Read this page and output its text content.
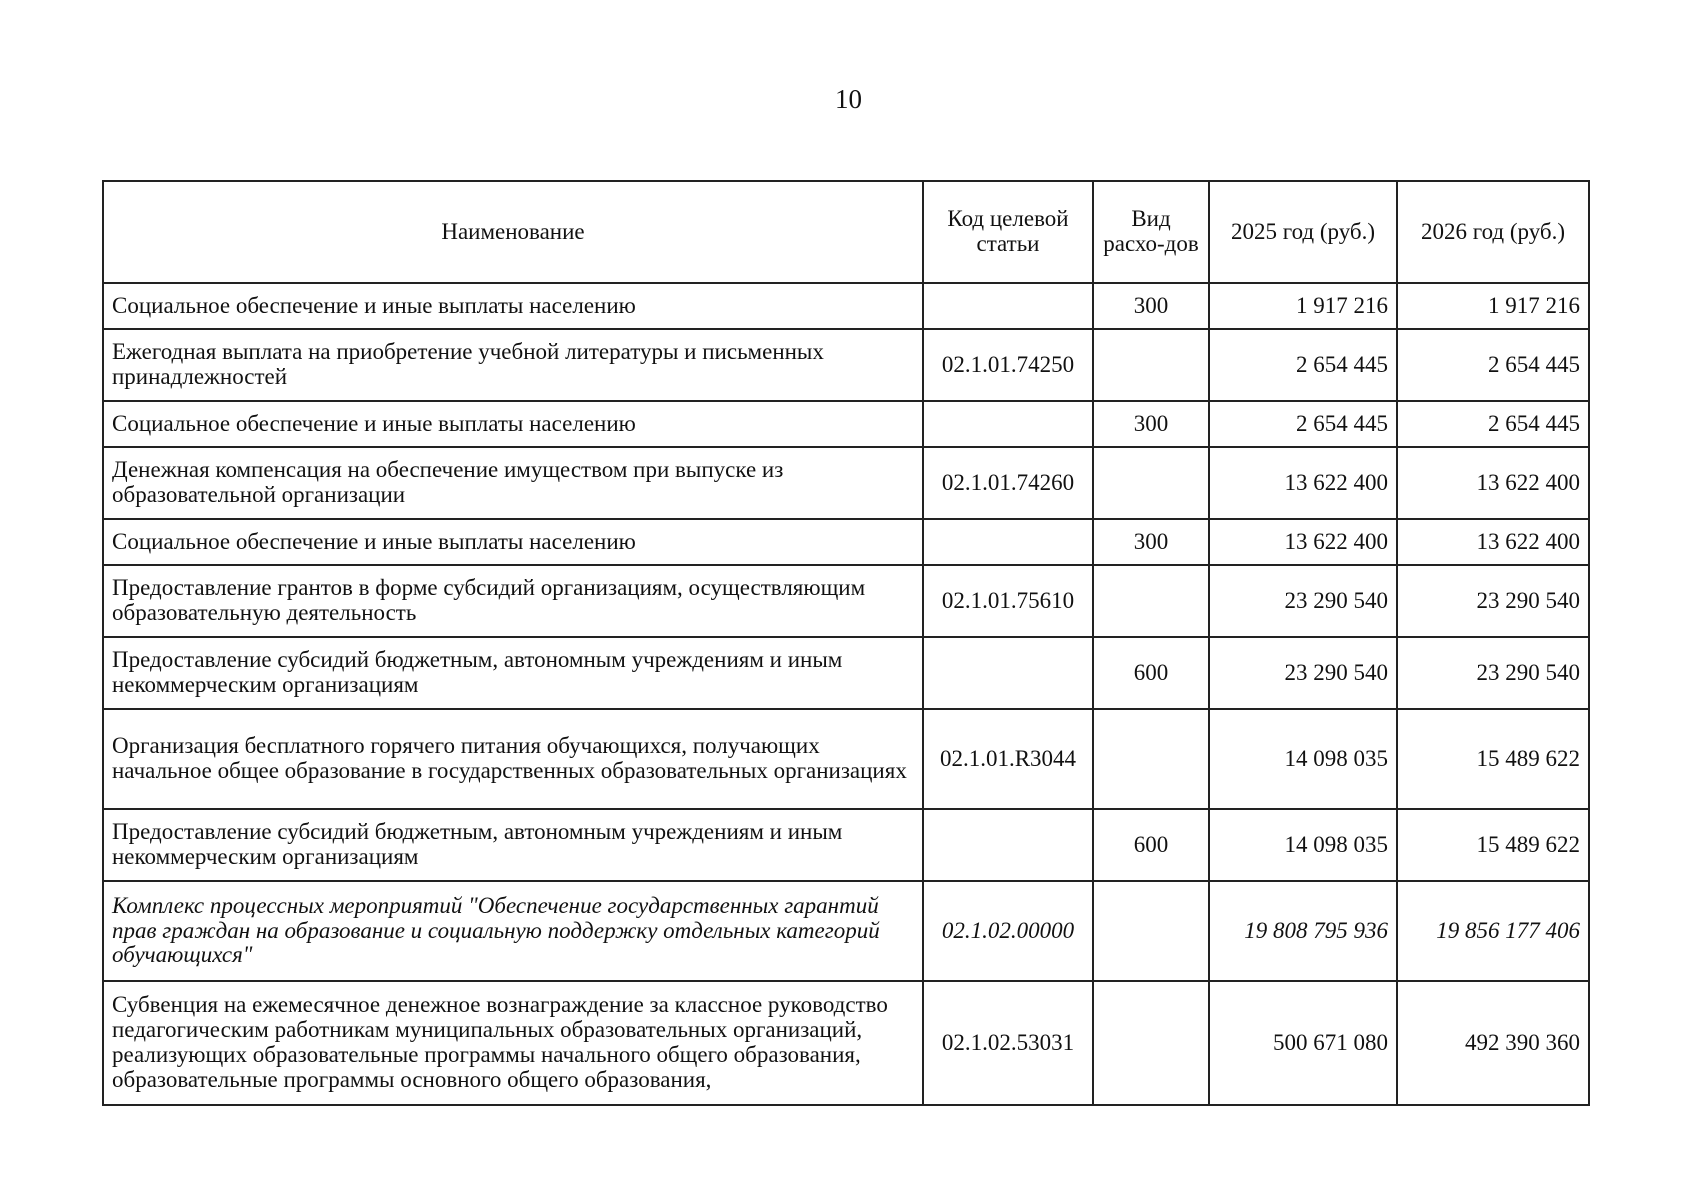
10
Наименование	Код целевой статьи	Вид расхо-дов	2025 год (руб.)	2026 год (руб.)
Социальное обеспечение и иные выплаты населению		300	1 917 216	1 917 216
Ежегодная выплата на приобретение учебной литературы и письменных принадлежностей	02.1.01.74250		2 654 445	2 654 445
Социальное обеспечение и иные выплаты населению		300	2 654 445	2 654 445
Денежная компенсация на обеспечение имуществом при выпуске из образовательной организации	02.1.01.74260		13 622 400	13 622 400
Социальное обеспечение и иные выплаты населению		300	13 622 400	13 622 400
Предоставление грантов в форме субсидий организациям, осуществляющим образовательную деятельность	02.1.01.75610		23 290 540	23 290 540
Предоставление субсидий бюджетным, автономным учреждениям и иным некоммерческим организациям		600	23 290 540	23 290 540
Организация бесплатного горячего питания обучающихся, получающих начальное общее образование в государственных образовательных организациях	02.1.01.R3044		14 098 035	15 489 622
Предоставление субсидий бюджетным, автономным учреждениям и иным некоммерческим организациям		600	14 098 035	15 489 622
Комплекс процессных мероприятий "Обеспечение государственных гарантий прав граждан на образование и социальную поддержку отдельных категорий обучающихся"	02.1.02.00000		19 808 795 936	19 856 177 406
Субвенция на ежемесячное денежное вознаграждение за классное руководство педагогическим работникам муниципальных образовательных организаций, реализующих образовательные программы начального общего образования, образовательные программы основного общего образования,	02.1.02.53031		500 671 080	492 390 360
